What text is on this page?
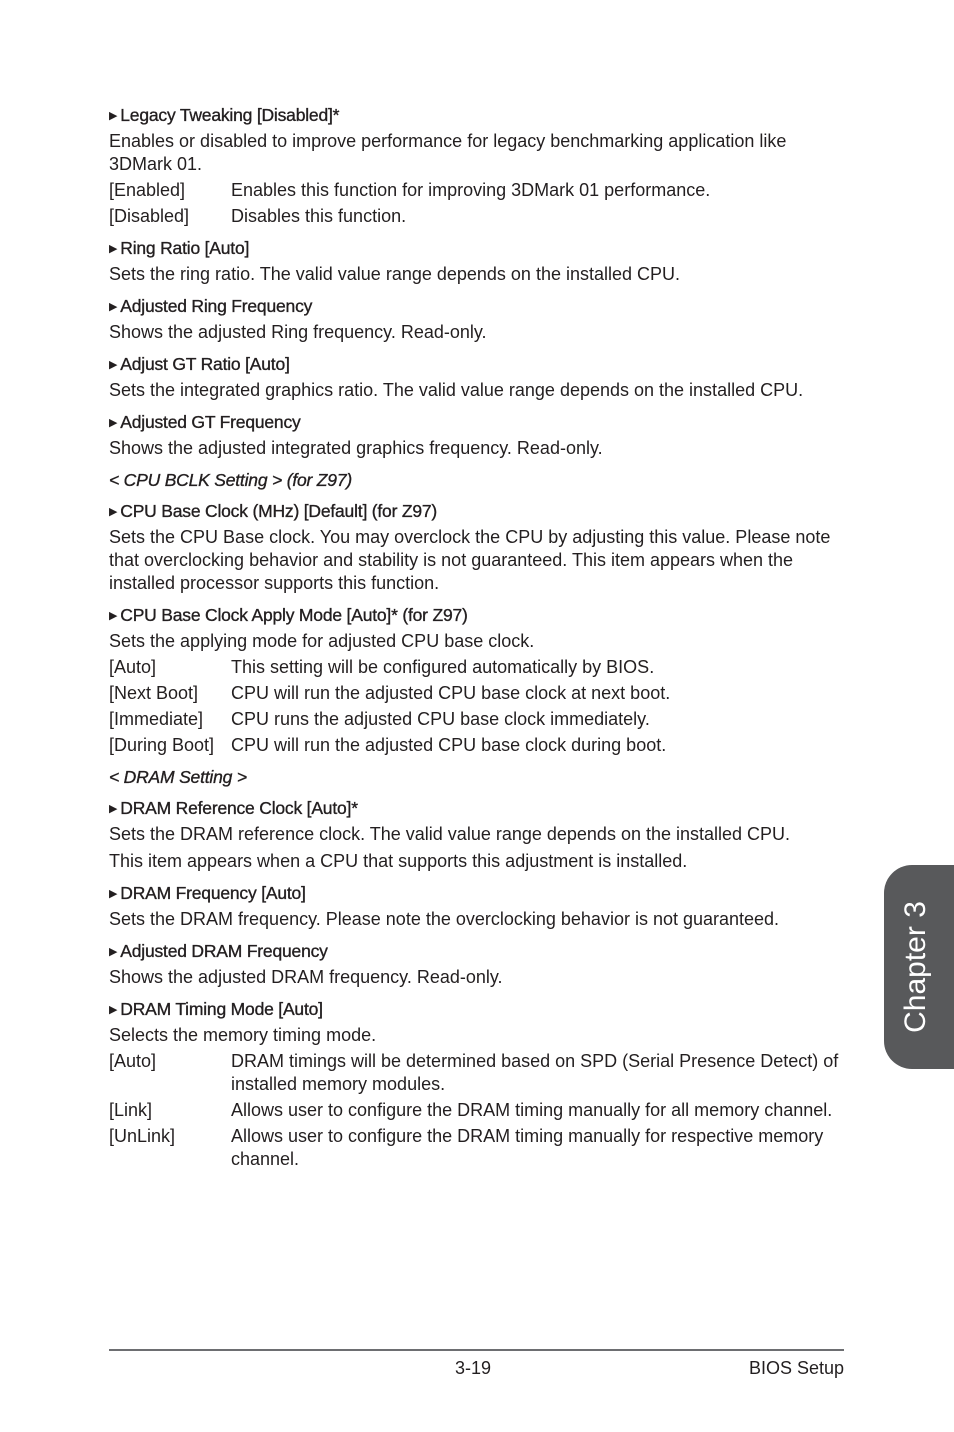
▶ Legacy Tweaking [Disabled]*
Enables or disabled to improve performance for legacy benchmarking application like 3DMark 01.
[Enabled]	Enables this function for improving 3DMark 01 performance.
[Disabled]	Disables this function.
▶ Ring Ratio [Auto]
Sets the ring ratio. The valid value range depends on the installed CPU.
▶ Adjusted Ring Frequency
Shows the adjusted Ring frequency. Read-only.
▶ Adjust GT Ratio [Auto]
Sets the integrated graphics ratio. The valid value range depends on the installed CPU.
▶ Adjusted GT Frequency
Shows the adjusted integrated graphics frequency. Read-only.
< CPU BCLK Setting > (for Z97)
▶ CPU Base Clock (MHz) [Default] (for Z97)
Sets the CPU Base clock. You may overclock the CPU by adjusting this value. Please note that overclocking behavior and stability is not guaranteed. This item appears when the installed processor supports this function.
▶ CPU Base Clock Apply Mode [Auto]* (for Z97)
Sets the applying mode for adjusted CPU base clock.
[Auto]	This setting will be configured automatically by BIOS.
[Next Boot]	CPU will run the adjusted CPU base clock at next boot.
[Immediate]	CPU runs the adjusted CPU base clock immediately.
[During Boot] CPU will run the adjusted CPU base clock during boot.
< DRAM Setting >
▶ DRAM Reference Clock [Auto]*
Sets the DRAM reference clock. The valid value range depends on the installed CPU.
This item appears when a CPU that supports this adjustment is installed.
▶ DRAM Frequency [Auto]
Sets the DRAM frequency. Please note the overclocking behavior is not guaranteed.
▶ Adjusted DRAM Frequency
Shows the adjusted DRAM frequency. Read-only.
▶ DRAM Timing Mode [Auto]
Selects the memory timing mode.
[Auto]	DRAM timings will be determined based on SPD (Serial Presence Detect) of installed memory modules.
[Link]	Allows user to configure the DRAM timing manually for all memory channel.
[UnLink]	Allows user to configure the DRAM timing manually for respective memory channel.
Chapter 3
3-19	BIOS Setup
